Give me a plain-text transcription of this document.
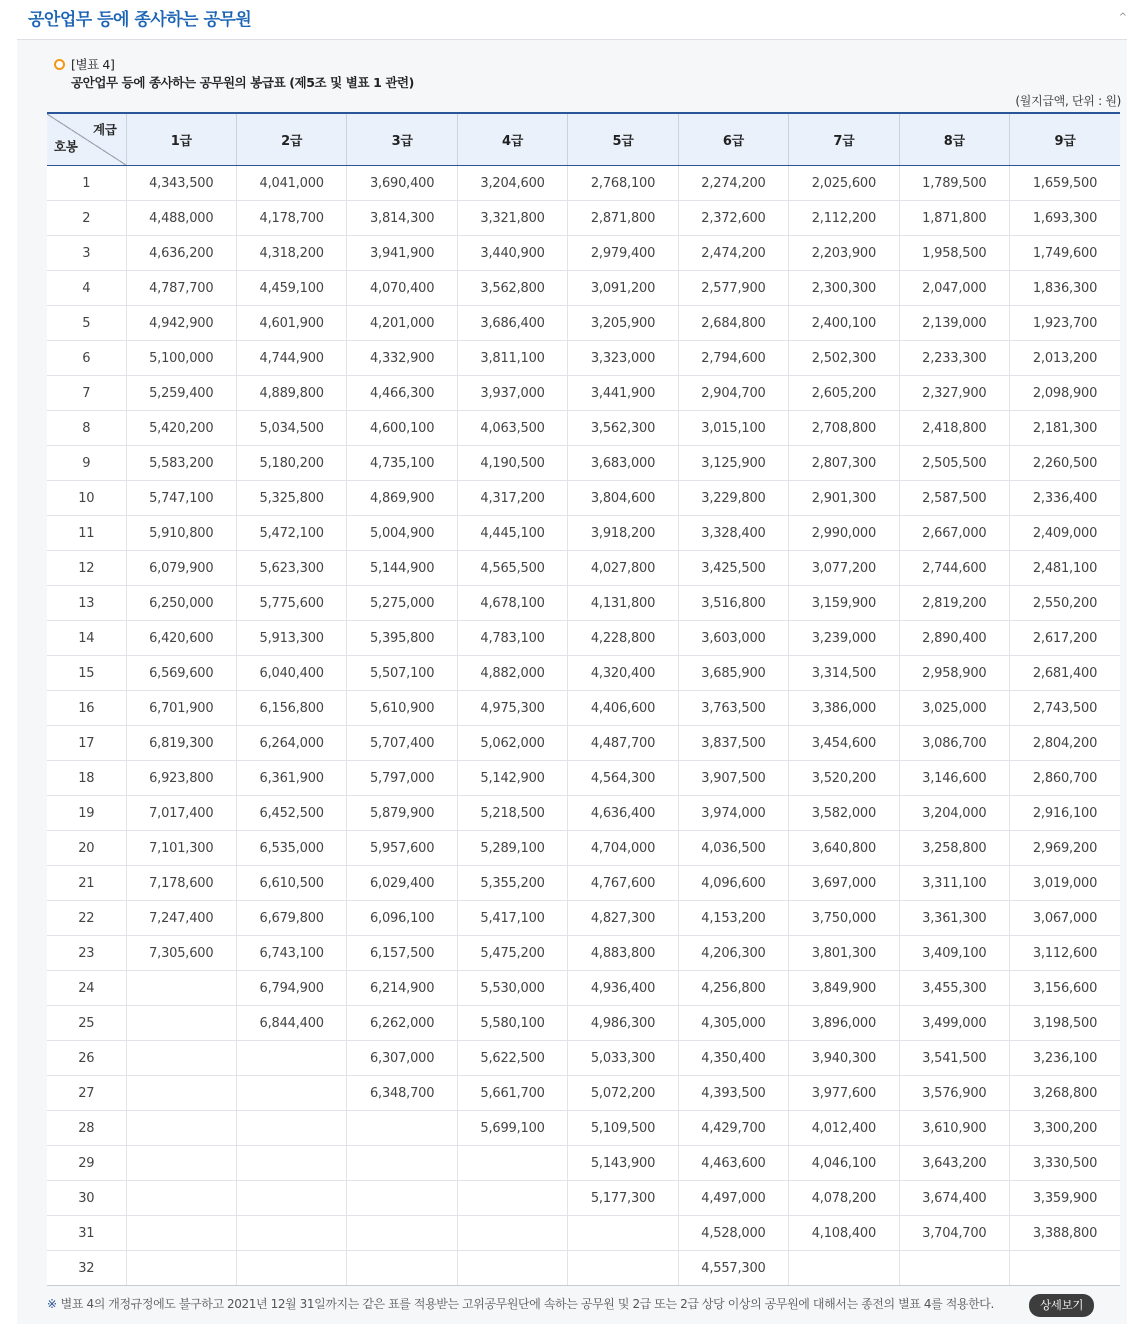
공안업무 등에 종사하는 공무원	^
[별표 4]
공안업무 등에 종사하는 공무원의 봉급표 (제5조 및 별표 1 관련)
(월지급액, 단위 : 원)
계급
호봉	1급	2급	3급	4급	5급	6급	7급	8급	9급
1	4,343,500	4,041,000	3,690,400	3,204,600	2,768,100	2,274,200	2,025,600	1,789,500	1,659,500
2	4,488,000	4,178,700	3,814,300	3,321,800	2,871,800	2,372,600	2,112,200	1,871,800	1,693,300
3	4,636,200	4,318,200	3,941,900	3,440,900	2,979,400	2,474,200	2,203,900	1,958,500	1,749,600
4	4,787,700	4,459,100	4,070,400	3,562,800	3,091,200	2,577,900	2,300,300	2,047,000	1,836,300
5	4,942,900	4,601,900	4,201,000	3,686,400	3,205,900	2,684,800	2,400,100	2,139,000	1,923,700
6	5,100,000	4,744,900	4,332,900	3,811,100	3,323,000	2,794,600	2,502,300	2,233,300	2,013,200
7	5,259,400	4,889,800	4,466,300	3,937,000	3,441,900	2,904,700	2,605,200	2,327,900	2,098,900
8	5,420,200	5,034,500	4,600,100	4,063,500	3,562,300	3,015,100	2,708,800	2,418,800	2,181,300
9	5,583,200	5,180,200	4,735,100	4,190,500	3,683,000	3,125,900	2,807,300	2,505,500	2,260,500
10	5,747,100	5,325,800	4,869,900	4,317,200	3,804,600	3,229,800	2,901,300	2,587,500	2,336,400
11	5,910,800	5,472,100	5,004,900	4,445,100	3,918,200	3,328,400	2,990,000	2,667,000	2,409,000
12	6,079,900	5,623,300	5,144,900	4,565,500	4,027,800	3,425,500	3,077,200	2,744,600	2,481,100
13	6,250,000	5,775,600	5,275,000	4,678,100	4,131,800	3,516,800	3,159,900	2,819,200	2,550,200
14	6,420,600	5,913,300	5,395,800	4,783,100	4,228,800	3,603,000	3,239,000	2,890,400	2,617,200
15	6,569,600	6,040,400	5,507,100	4,882,000	4,320,400	3,685,900	3,314,500	2,958,900	2,681,400
16	6,701,900	6,156,800	5,610,900	4,975,300	4,406,600	3,763,500	3,386,000	3,025,000	2,743,500
17	6,819,300	6,264,000	5,707,400	5,062,000	4,487,700	3,837,500	3,454,600	3,086,700	2,804,200
18	6,923,800	6,361,900	5,797,000	5,142,900	4,564,300	3,907,500	3,520,200	3,146,600	2,860,700
19	7,017,400	6,452,500	5,879,900	5,218,500	4,636,400	3,974,000	3,582,000	3,204,000	2,916,100
20	7,101,300	6,535,000	5,957,600	5,289,100	4,704,000	4,036,500	3,640,800	3,258,800	2,969,200
21	7,178,600	6,610,500	6,029,400	5,355,200	4,767,600	4,096,600	3,697,000	3,311,100	3,019,000
22	7,247,400	6,679,800	6,096,100	5,417,100	4,827,300	4,153,200	3,750,000	3,361,300	3,067,000
23	7,305,600	6,743,100	6,157,500	5,475,200	4,883,800	4,206,300	3,801,300	3,409,100	3,112,600
24		6,794,900	6,214,900	5,530,000	4,936,400	4,256,800	3,849,900	3,455,300	3,156,600
25		6,844,400	6,262,000	5,580,100	4,986,300	4,305,000	3,896,000	3,499,000	3,198,500
26			6,307,000	5,622,500	5,033,300	4,350,400	3,940,300	3,541,500	3,236,100
27			6,348,700	5,661,700	5,072,200	4,393,500	3,977,600	3,576,900	3,268,800
28				5,699,100	5,109,500	4,429,700	4,012,400	3,610,900	3,300,200
29					5,143,900	4,463,600	4,046,100	3,643,200	3,330,500
30					5,177,300	4,497,000	4,078,200	3,674,400	3,359,900
31						4,528,000	4,108,400	3,704,700	3,388,800
32						4,557,300			
※ 별표 4의 개정규정에도 불구하고 2021년 12월 31일까지는 같은 표를 적용받는 고위공무원단에 속하는 공무원 및 2급 또는 2급 상당 이상의 공무원에 대해서는 종전의 별표 4를 적용한다.	상세보기
